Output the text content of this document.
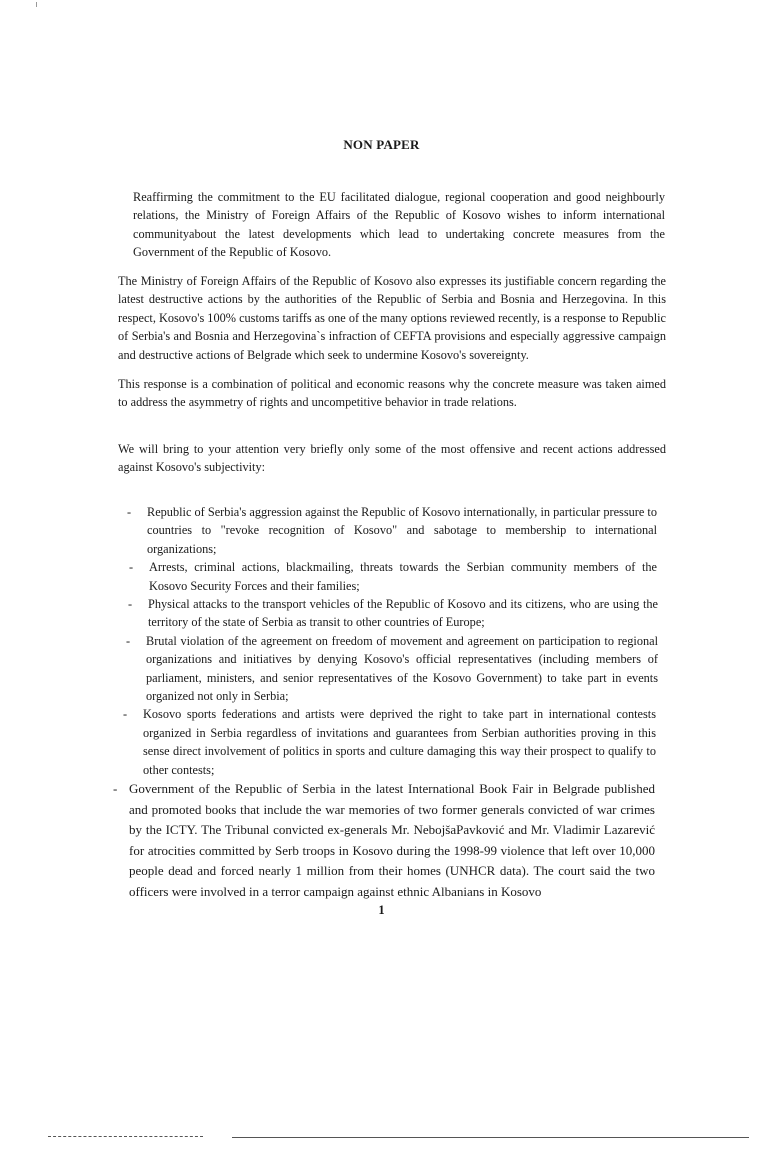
NON PAPER

Reaffirming the commitment to the EU facilitated dialogue, regional cooperation and good neighbourly relations, the Ministry of Foreign Affairs of the Republic of Kosovo wishes to inform international communityabout the latest developments which lead to undertaking concrete measures from the Government of the Republic of Kosovo.

The Ministry of Foreign Affairs of the Republic of Kosovo also expresses its justifiable concern regarding the latest destructive actions by the authorities of the Republic of Serbia and Bosnia and Herzegovina. In this respect, Kosovo's 100% customs tariffs as one of the many options reviewed recently, is a response to Republic of Serbia's and Bosnia and Herzegovina`s infraction of CEFTA provisions and especially aggressive campaign and destructive actions of Belgrade which seek to undermine Kosovo's sovereignty.

This response is a combination of political and economic reasons why the concrete measure was taken aimed to address the asymmetry of rights and uncompetitive behavior in trade relations.

We will bring to your attention very briefly only some of the most offensive and recent actions addressed against Kosovo's subjectivity:

- Republic of Serbia's aggression against the Republic of Kosovo internationally, in particular pressure to countries to "revoke recognition of Kosovo" and sabotage to membership to international organizations;
- Arrests, criminal actions, blackmailing, threats towards the Serbian community members of the Kosovo Security Forces and their families;
- Physical attacks to the transport vehicles of the Republic of Kosovo and its citizens, who are using the territory of the state of Serbia as transit to other countries of Europe;
- Brutal violation of the agreement on freedom of movement and agreement on participation to regional organizations and initiatives by denying Kosovo's official representatives (including members of parliament, ministers, and senior representatives of the Kosovo Government) to take part in events organized not only in Serbia;
- Kosovo sports federations and artists were deprived the right to take part in international contests organized in Serbia regardless of invitations and guarantees from Serbian authorities proving in this sense direct involvement of politics in sports and culture damaging this way their prospect to qualify to other contests;
- Government of the Republic of Serbia in the latest International Book Fair in Belgrade published and promoted books that include the war memories of two former generals convicted of war crimes by the ICTY. The Tribunal convicted ex-generals Mr. NebojšaPavković and Mr. Vladimir Lazarević for atrocities committed by Serb troops in Kosovo during the 1998-99 violence that left over 10,000 people dead and forced nearly 1 million from their homes (UNHCR data). The court said the two officers were involved in a terror campaign against ethnic Albanians in Kosovo
1
